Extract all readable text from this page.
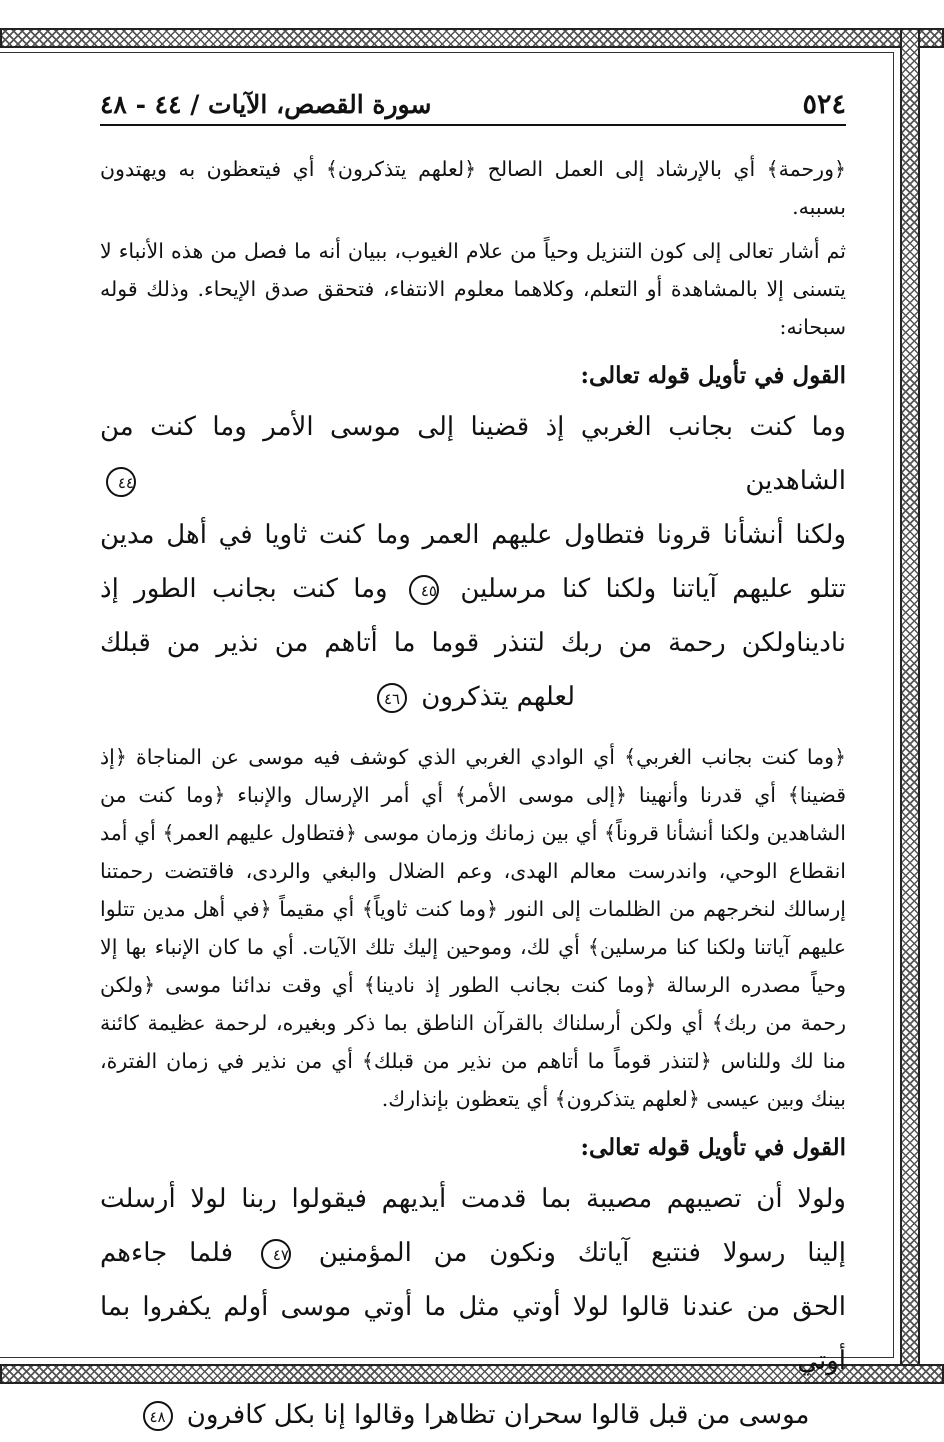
٥٢٤
سورة القصص، الآيات / ٤٤ - ٤٨

﴿ورحمة﴾ أي بالإرشاد إلى العمل الصالح ﴿لعلهم يتذكرون﴾ أي فيتعظون به ويهتدون بسببه.

ثم أشار تعالى إلى كون التنزيل وحياً من علام الغيوب، ببيان أنه ما فصل من هذه الأنباء لا يتسنى إلا بالمشاهدة أو التعلم، وكلاهما معلوم الانتفاء، فتحقق صدق الإيحاء. وذلك قوله سبحانه:

القول في تأويل قوله تعالى:
وما كنت بجانب الغربي إذ قضينا إلى موسى الأمر وما كنت من الشاهدين ٤٤
ولكنا أنشأنا قرونا فتطاول عليهم العمر وما كنت ثاويا في أهل مدين
تتلو عليهم آياتنا ولكنا كنا مرسلين ٤٥ وما كنت بجانب الطور إذ
ناديناولكن رحمة من ربك لتنذر قوما ما أتاهم من نذير من قبلك
لعلهم يتذكرون ٤٦

﴿وما كنت بجانب الغربي﴾ أي الوادي الغربي الذي كوشف فيه موسى عن المناجاة ﴿إذ قضينا﴾ أي قدرنا وأنهينا ﴿إلى موسى الأمر﴾ أي أمر الإرسال والإنباء ﴿وما كنت من الشاهدين ولكنا أنشأنا قروناً﴾ أي بين زمانك وزمان موسى ﴿فتطاول عليهم العمر﴾ أي أمد انقطاع الوحي، واندرست معالم الهدى، وعم الضلال والبغي والردى، فاقتضت رحمتنا إرسالك لنخرجهم من الظلمات إلى النور ﴿وما كنت ثاوياً﴾ أي مقيماً ﴿في أهل مدين تتلوا عليهم آياتنا ولكنا كنا مرسلين﴾ أي لك، وموحين إليك تلك الآيات. أي ما كان الإنباء بها إلا وحياً مصدره الرسالة ﴿وما كنت بجانب الطور إذ نادينا﴾ أي وقت ندائنا موسى ﴿ولكن رحمة من ربك﴾ أي ولكن أرسلناك بالقرآن الناطق بما ذكر وبغيره، لرحمة عظيمة كائنة منا لك وللناس ﴿لتنذر قوماً ما أتاهم من نذير من قبلك﴾ أي من نذير في زمان الفترة، بينك وبين عيسى ﴿لعلهم يتذكرون﴾ أي يتعظون بإنذارك.

القول في تأويل قوله تعالى:
ولولا أن تصيبهم مصيبة بما قدمت أيديهم فيقولوا ربنا لولا أرسلت
إلينا رسولا فنتبع آياتك ونكون من المؤمنين ٤٧ فلما جاءهم
الحق من عندنا قالوا لولا أوتي مثل ما أوتي موسى أولم يكفروا بما أوتي
موسى من قبل قالوا سحران تظاهرا وقالوا إنا بكل كافرون ٤٨
